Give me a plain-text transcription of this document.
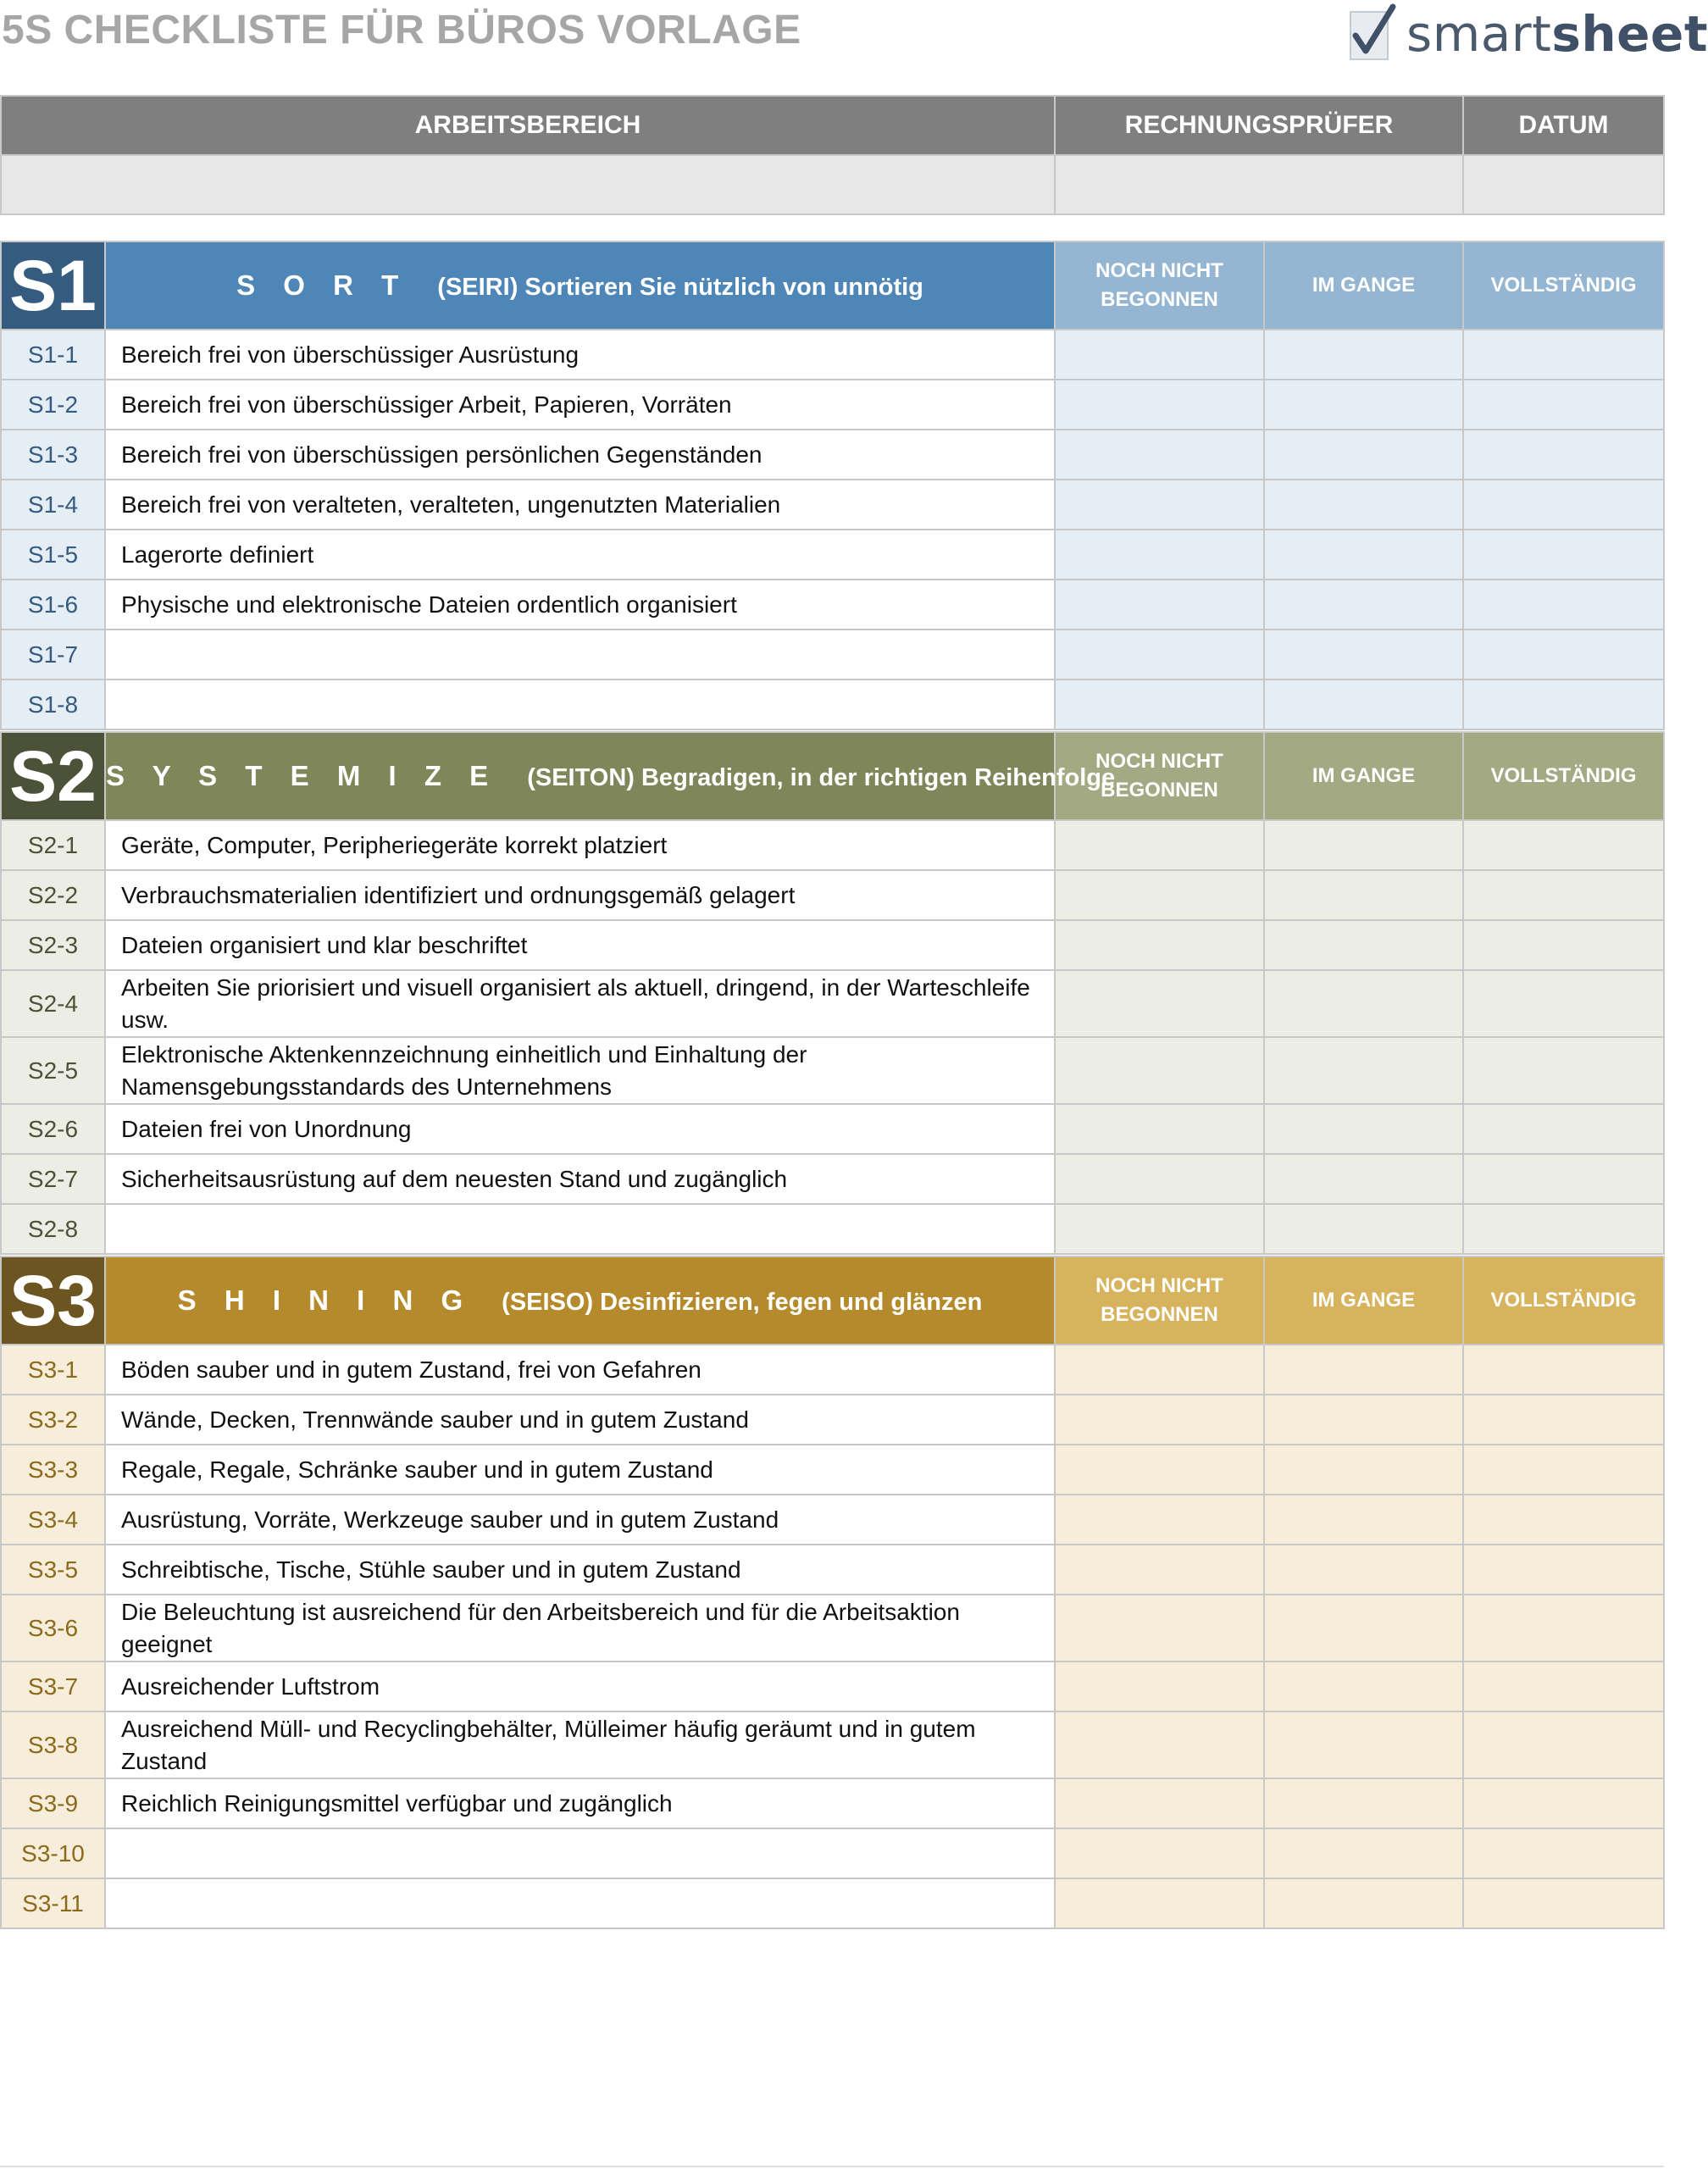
5S CHECKLISTE FÜR BÜROS VORLAGE	smartsheet
ARBEITSBEREICH	RECHNUNGSPRÜFER	DATUM

S1	S O R T (SEIRI) Sortieren Sie nützlich von unnötig	NOCH NICHT BEGONNEN	IM GANGE	VOLLSTÄNDIG
S1-1	Bereich frei von überschüssiger Ausrüstung			
S1-2	Bereich frei von überschüssiger Arbeit, Papieren, Vorräten			
S1-3	Bereich frei von überschüssigen persönlichen Gegenständen			
S1-4	Bereich frei von veralteten, veralteten, ungenutzten Materialien			
S1-5	Lagerorte definiert			
S1-6	Physische und elektronische Dateien ordentlich organisiert			
S1-7				
S1-8				
S2	S Y S T E M I Z E (SEITON) Begradigen, in der richtigen Reihenfolge	NOCH NICHT BEGONNEN	IM GANGE	VOLLSTÄNDIG
S2-1	Geräte, Computer, Peripheriegeräte korrekt platziert			
S2-2	Verbrauchsmaterialien identifiziert und ordnungsgemäß gelagert			
S2-3	Dateien organisiert und klar beschriftet			
S2-4	Arbeiten Sie priorisiert und visuell organisiert als aktuell, dringend, in der Warteschleife usw.			
S2-5	Elektronische Aktenkennzeichnung einheitlich und Einhaltung der Namensgebungsstandards des Unternehmens			
S2-6	Dateien frei von Unordnung			
S2-7	Sicherheitsausrüstung auf dem neuesten Stand und zugänglich			
S2-8				
S3	S H I N I N G (SEISO) Desinfizieren, fegen und glänzen	NOCH NICHT BEGONNEN	IM GANGE	VOLLSTÄNDIG
S3-1	Böden sauber und in gutem Zustand, frei von Gefahren			
S3-2	Wände, Decken, Trennwände sauber und in gutem Zustand			
S3-3	Regale, Regale, Schränke sauber und in gutem Zustand			
S3-4	Ausrüstung, Vorräte, Werkzeuge sauber und in gutem Zustand			
S3-5	Schreibtische, Tische, Stühle sauber und in gutem Zustand			
S3-6	Die Beleuchtung ist ausreichend für den Arbeitsbereich und für die Arbeitsaktion geeignet			
S3-7	Ausreichender Luftstrom			
S3-8	Ausreichend Müll- und Recyclingbehälter, Mülleimer häufig geräumt und in gutem Zustand			
S3-9	Reichlich Reinigungsmittel verfügbar und zugänglich			
S3-10				
S3-11				
